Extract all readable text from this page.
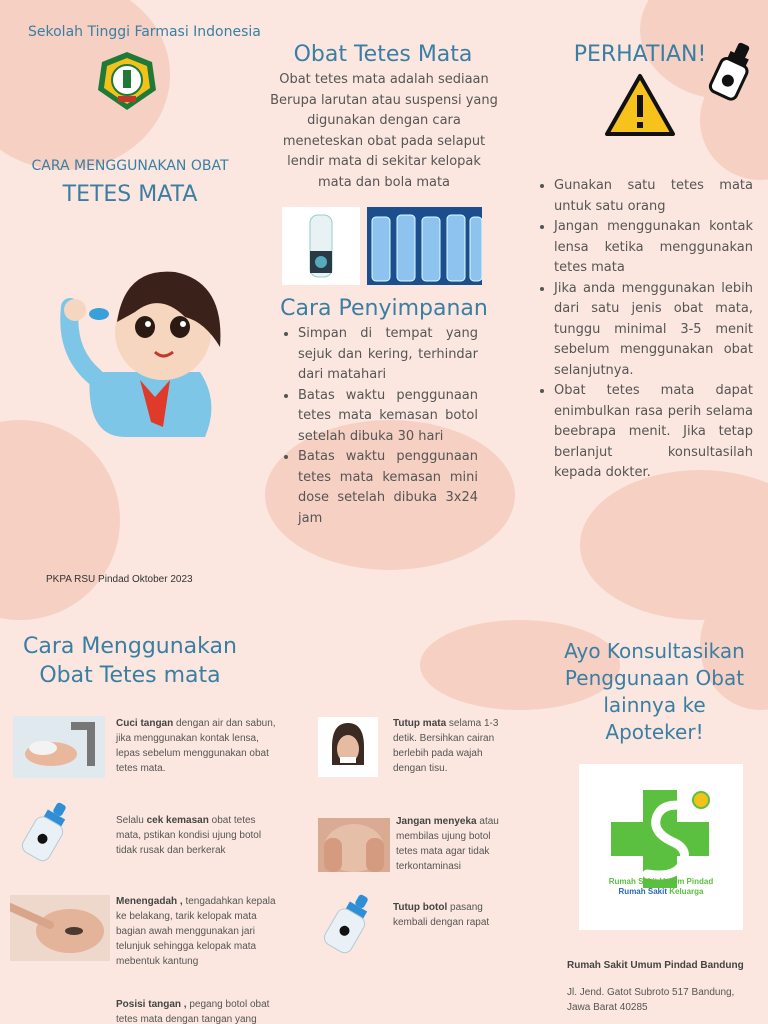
Sekolah Tinggi Farmasi Indonesia
CARA MENGGUNAKAN OBAT
TETES MATA
PKPA RSU Pindad Oktober 2023
Obat Tetes Mata
Obat tetes mata adalah sediaan Berupa larutan atau suspensi yang digunakan dengan cara meneteskan obat pada selaput lendir mata di sekitar kelopak mata dan bola mata
Cara Penyimpanan
• Simpan di tempat yang sejuk dan kering, terhindar dari matahari
• Batas waktu penggunaan tetes mata kemasan botol setelah dibuka 30 hari
• Batas waktu penggunaan tetes mata kemasan mini dose setelah dibuka 3x24 jam
PERHATIAN!
• Gunakan satu tetes mata untuk satu orang
• Jangan menggunakan kontak lensa ketika menggunakan tetes mata
• Jika anda menggunakan lebih dari satu jenis obat mata, tunggu minimal 3-5 menit sebelum menggunakan obat selanjutnya.
• Obat tetes mata dapat enimbulkan rasa perih selama beebrapa menit. Jika tetap berlanjut konsultasilah kepada dokter.
Cara Menggunakan
Obat Tetes mata
Cuci tangan dengan air dan sabun, jika menggunakan kontak lensa, lepas sebelum menggunakan obat tetes mata.
Selalu cek kemasan obat tetes mata, pstikan kondisi ujung botol tidak rusak dan berkerak
Menengadah , tengadahkan kepala ke belakang, tarik kelopak mata bagian awah menggunakan jari telunjuk sehingga kelopak mata mebentuk kantung
Posisi tangan , pegang botol obat tetes mata dengan tangan yang
Tutup mata selama 1-3 detik. Bersihkan cairan berlebih pada wajah dengan tisu.
Jangan menyeka atau membilas ujung botol tetes mata agar tidak terkontaminasi
Tutup botol pasang kembali dengan rapat
Ayo Konsultasikan Penggunaan Obat lainnya ke Apoteker!
Rumah Sakit Umum Pindad
Rumah Sakit Keluarga
Rumah Sakit Umum Pindad Bandung
Jl. Jend. Gatot Subroto 517 Bandung, Jawa Barat 40285
